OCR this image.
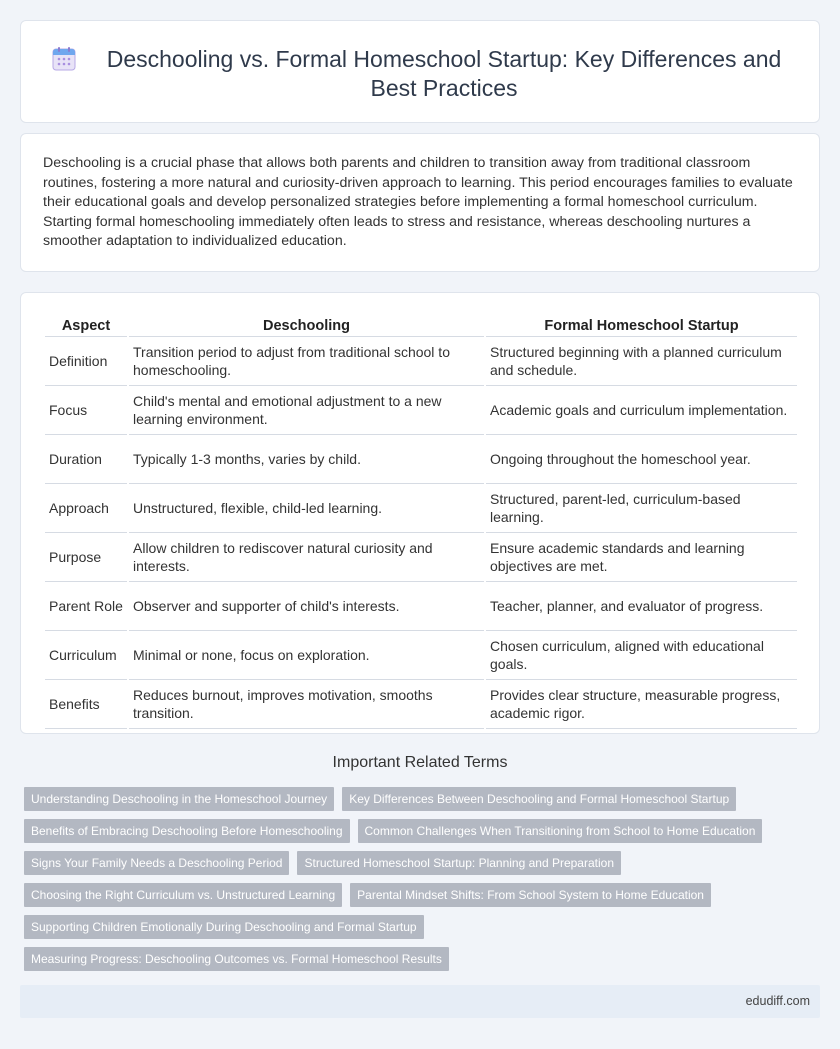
Deschooling vs. Formal Homeschool Startup: Key Differences and Best Practices

Deschooling is a crucial phase that allows both parents and children to transition away from traditional classroom routines, fostering a more natural and curiosity-driven approach to learning. This period encourages families to evaluate their educational goals and develop personalized strategies before implementing a formal homeschool curriculum. Starting formal homeschooling immediately often leads to stress and resistance, whereas deschooling nurtures a smoother adaptation to individualized education.

Aspect	Deschooling	Formal Homeschool Startup
Definition	Transition period to adjust from traditional school to homeschooling.	Structured beginning with a planned curriculum and schedule.
Focus	Child's mental and emotional adjustment to a new learning environment.	Academic goals and curriculum implementation.
Duration	Typically 1-3 months, varies by child.	Ongoing throughout the homeschool year.
Approach	Unstructured, flexible, child-led learning.	Structured, parent-led, curriculum-based learning.
Purpose	Allow children to rediscover natural curiosity and interests.	Ensure academic standards and learning objectives are met.
Parent Role	Observer and supporter of child's interests.	Teacher, planner, and evaluator of progress.
Curriculum	Minimal or none, focus on exploration.	Chosen curriculum, aligned with educational goals.
Benefits	Reduces burnout, improves motivation, smooths transition.	Provides clear structure, measurable progress, academic rigor.
Important Related Terms
Understanding Deschooling in the Homeschool Journey	Key Differences Between Deschooling and Formal Homeschool Startup
Benefits of Embracing Deschooling Before Homeschooling	Common Challenges When Transitioning from School to Home Education
Signs Your Family Needs a Deschooling Period	Structured Homeschool Startup: Planning and Preparation
Choosing the Right Curriculum vs. Unstructured Learning	Parental Mindset Shifts: From School System to Home Education
Supporting Children Emotionally During Deschooling and Formal Startup
Measuring Progress: Deschooling Outcomes vs. Formal Homeschool Results
edudiff.com
